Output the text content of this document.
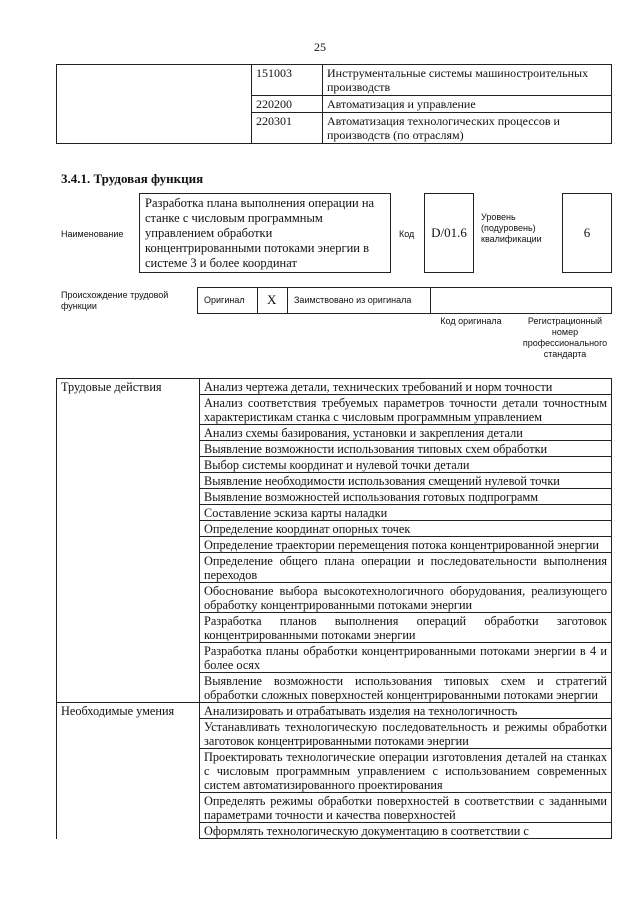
25
	151003	Инструментальные системы машиностроительных производств
	220200	Автоматизация и управление
	220301	Автоматизация технологических процессов и производств (по отраслям)
3.4.1. Трудовая функция
Наименование
Разработка плана выполнения операции на станке с числовым программным управлением обработки концентрированными потоками энергии в системе 3 и более координат
Код	D/01.6
Уровень (подуровень) квалификации	6
Происхождение трудовой функции
Оригинал X Заимствовано из оригинала
Код оригинала	Регистрационный номер профессионального стандарта
Трудовые действия	Анализ чертежа детали, технических требований и норм точности
	Анализ соответствия требуемых параметров точности детали точностным характеристикам станка с числовым программным управлением
	Анализ схемы базирования, установки и закрепления детали
	Выявление возможности использования типовых схем обработки
	Выбор системы координат и нулевой точки детали
	Выявление необходимости использования смещений нулевой точки
	Выявление возможностей использования готовых подпрограмм
	Составление эскиза карты наладки
	Определение координат опорных точек
	Определение траектории перемещения потока концентрированной энергии
	Определение общего плана операции и последовательности выполнения переходов
	Обоснование выбора высокотехнологичного оборудования, реализующего обработку концентрированными потоками энергии
	Разработка планов выполнения операций обработки заготовок концентрированными потоками энергии
	Разработка планы обработки концентрированными потоками энергии в 4 и более осях
	Выявление возможности использования типовых схем и стратегий обработки сложных поверхностей концентрированными потоками энергии
Необходимые умения	Анализировать и отрабатывать изделия на технологичность
	Устанавливать технологическую последовательность и режимы обработки заготовок концентрированными потоками энергии
	Проектировать технологические операции изготовления деталей на станках с числовым программным управлением с использованием современных систем автоматизированного проектирования
	Определять режимы обработки поверхностей в соответствии с заданными параметрами точности и качества поверхностей
	Оформлять технологическую документацию в соответствии с
